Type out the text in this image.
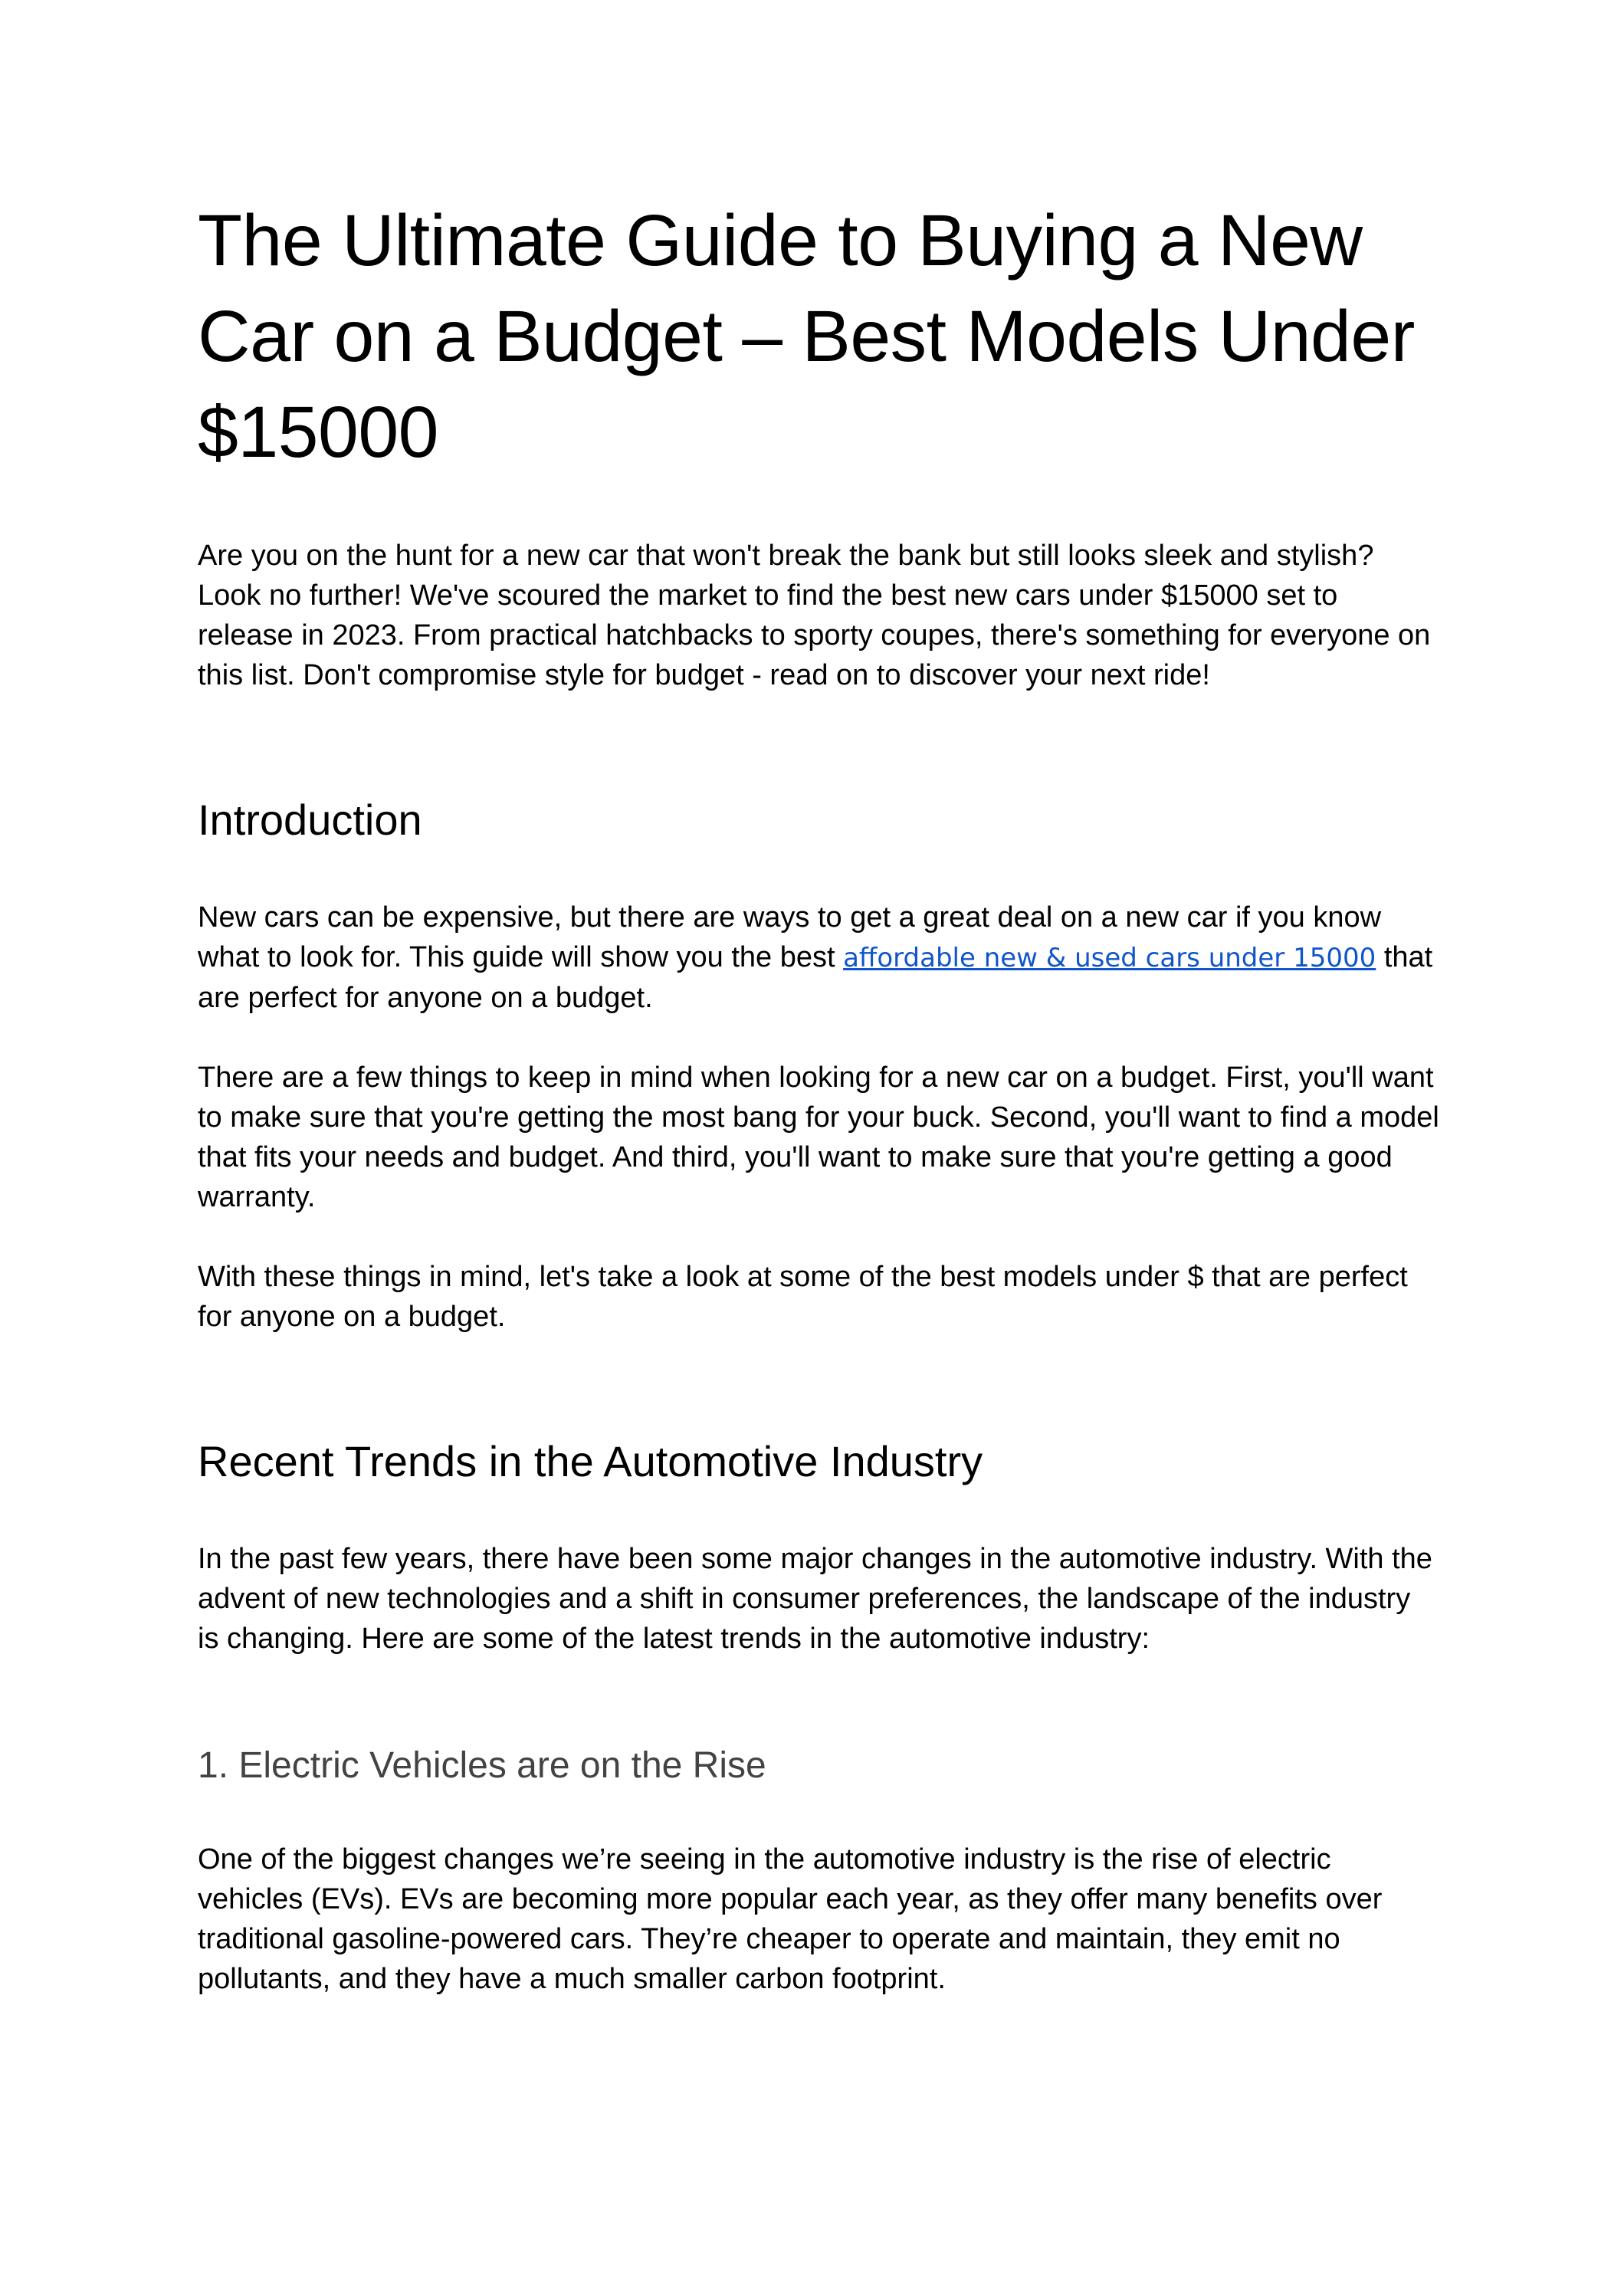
The Ultimate Guide to Buying a New Car on a Budget – Best Models Under $15000

Are you on the hunt for a new car that won't break the bank but still looks sleek and stylish? Look no further! We've scoured the market to find the best new cars under $15000 set to release in 2023. From practical hatchbacks to sporty coupes, there's something for everyone on this list. Don't compromise style for budget - read on to discover your next ride!

Introduction

New cars can be expensive, but there are ways to get a great deal on a new car if you know what to look for. This guide will show you the best affordable new & used cars under 15000 that are perfect for anyone on a budget.

There are a few things to keep in mind when looking for a new car on a budget. First, you'll want to make sure that you're getting the most bang for your buck. Second, you'll want to find a model that fits your needs and budget. And third, you'll want to make sure that you're getting a good warranty.

With these things in mind, let's take a look at some of the best models under $ that are perfect for anyone on a budget.

Recent Trends in the Automotive Industry

In the past few years, there have been some major changes in the automotive industry. With the advent of new technologies and a shift in consumer preferences, the landscape of the industry is changing. Here are some of the latest trends in the automotive industry:

1. Electric Vehicles are on the Rise

One of the biggest changes we’re seeing in the automotive industry is the rise of electric vehicles (EVs). EVs are becoming more popular each year, as they offer many benefits over traditional gasoline-powered cars. They’re cheaper to operate and maintain, they emit no pollutants, and they have a much smaller carbon footprint.
